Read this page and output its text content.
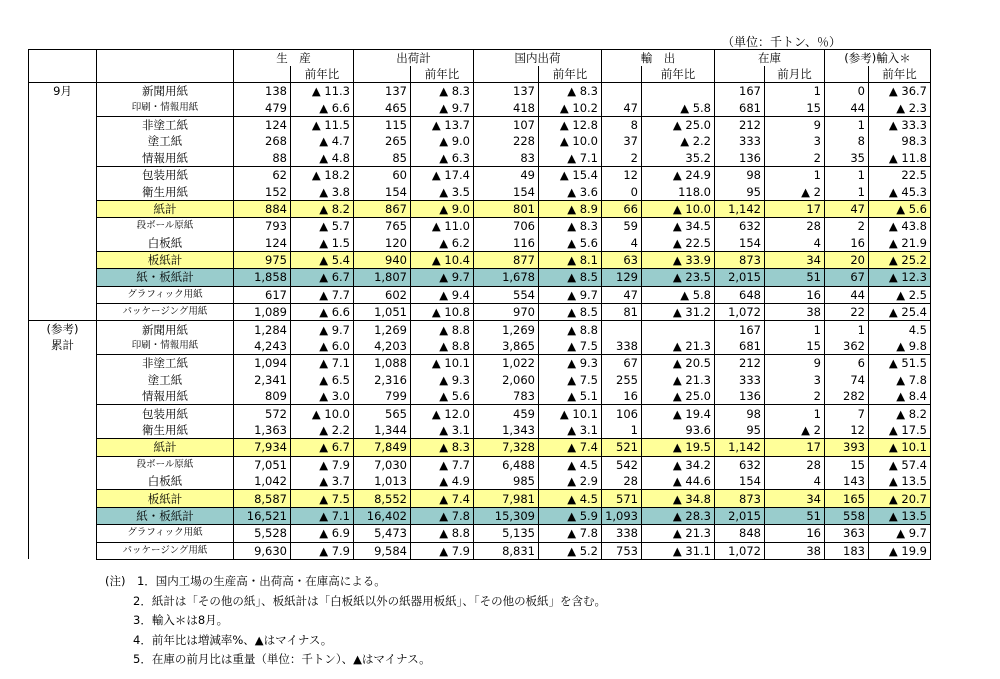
（単位：千トン、％）
		生　産		出荷計		国内出荷		輸　出		在庫		(参考)輸入＊	
			前年比		前年比		前年比		前年比		前月比		前年比

9月	新聞用紙	138	▲ 11.3	137	▲ 8.3	137	▲ 8.3			167	1	0	▲ 36.7
	印刷・情報用紙	479	▲ 6.6	465	▲ 9.7	418	▲ 10.2	47	▲ 5.8	681	15	44	▲ 2.3
	非塗工紙	124	▲ 11.5	115	▲ 13.7	107	▲ 12.8	8	▲ 25.0	212	9	1	▲ 33.3
	塗工紙	268	▲ 4.7	265	▲ 9.0	228	▲ 10.0	37	▲ 2.2	333	3	8	98.3
	情報用紙	88	▲ 4.8	85	▲ 6.3	83	▲ 7.1	2	35.2	136	2	35	▲ 11.8
	包装用紙	62	▲ 18.2	60	▲ 17.4	49	▲ 15.4	12	▲ 24.9	98	1	1	22.5
	衛生用紙	152	▲ 3.8	154	▲ 3.5	154	▲ 3.6	0	118.0	95	▲ 2	1	▲ 45.3
	紙計	884	▲ 8.2	867	▲ 9.0	801	▲ 8.9	66	▲ 10.0	1,142	17	47	▲ 5.6
	段ボール原紙	793	▲ 5.7	765	▲ 11.0	706	▲ 8.3	59	▲ 34.5	632	28	2	▲ 43.8
	白板紙	124	▲ 1.5	120	▲ 6.2	116	▲ 5.6	4	▲ 22.5	154	4	16	▲ 21.9
	板紙計	975	▲ 5.4	940	▲ 10.4	877	▲ 8.1	63	▲ 33.9	873	34	20	▲ 25.2
	紙・板紙計	1,858	▲ 6.7	1,807	▲ 9.7	1,678	▲ 8.5	129	▲ 23.5	2,015	51	67	▲ 12.3
	グラフィック用紙	617	▲ 7.7	602	▲ 9.4	554	▲ 9.7	47	▲ 5.8	648	16	44	▲ 2.5
	パッケージング用紙	1,089	▲ 6.6	1,051	▲ 10.8	970	▲ 8.5	81	▲ 31.2	1,072	38	22	▲ 25.4

(参考)
累計	新聞用紙	1,284	▲ 9.7	1,269	▲ 8.8	1,269	▲ 8.8			167	1	1	4.5
	印刷・情報用紙	4,243	▲ 6.0	4,203	▲ 8.8	3,865	▲ 7.5	338	▲ 21.3	681	15	362	▲ 9.8
	非塗工紙	1,094	▲ 7.1	1,088	▲ 10.1	1,022	▲ 9.3	67	▲ 20.5	212	9	6	▲ 51.5
	塗工紙	2,341	▲ 6.5	2,316	▲ 9.3	2,060	▲ 7.5	255	▲ 21.3	333	3	74	▲ 7.8
	情報用紙	809	▲ 3.0	799	▲ 5.6	783	▲ 5.1	16	▲ 25.0	136	2	282	▲ 8.4
	包装用紙	572	▲ 10.0	565	▲ 12.0	459	▲ 10.1	106	▲ 19.4	98	1	7	▲ 8.2
	衛生用紙	1,363	▲ 2.2	1,344	▲ 3.1	1,343	▲ 3.1	1	93.6	95	▲ 2	12	▲ 17.5
	紙計	7,934	▲ 6.7	7,849	▲ 8.3	7,328	▲ 7.4	521	▲ 19.5	1,142	17	393	▲ 10.1
	段ボール原紙	7,051	▲ 7.9	7,030	▲ 7.7	6,488	▲ 4.5	542	▲ 34.2	632	28	15	▲ 57.4
	白板紙	1,042	▲ 3.7	1,013	▲ 4.9	985	▲ 2.9	28	▲ 44.6	154	4	143	▲ 13.5
	板紙計	8,587	▲ 7.5	8,552	▲ 7.4	7,981	▲ 4.5	571	▲ 34.8	873	34	165	▲ 20.7
	紙・板紙計	16,521	▲ 7.1	16,402	▲ 7.8	15,309	▲ 5.9	1,093	▲ 28.3	2,015	51	558	▲ 13.5
	グラフィック用紙	5,528	▲ 6.9	5,473	▲ 8.8	5,135	▲ 7.8	338	▲ 21.3	848	16	363	▲ 9.7
	パッケージング用紙	9,630	▲ 7.9	9,584	▲ 7.9	8,831	▲ 5.2	753	▲ 31.1	1,072	38	183	▲ 19.9
(注)　1．国内工場の生産高・出荷高・在庫高による。
2．紙計は「その他の紙」、板紙計は「白板紙以外の紙器用板紙」、「その他の板紙」を含む。
3．輸入＊は8月。
4．前年比は増減率%、▲はマイナス。
5．在庫の前月比は重量（単位：千トン）、▲はマイナス。
